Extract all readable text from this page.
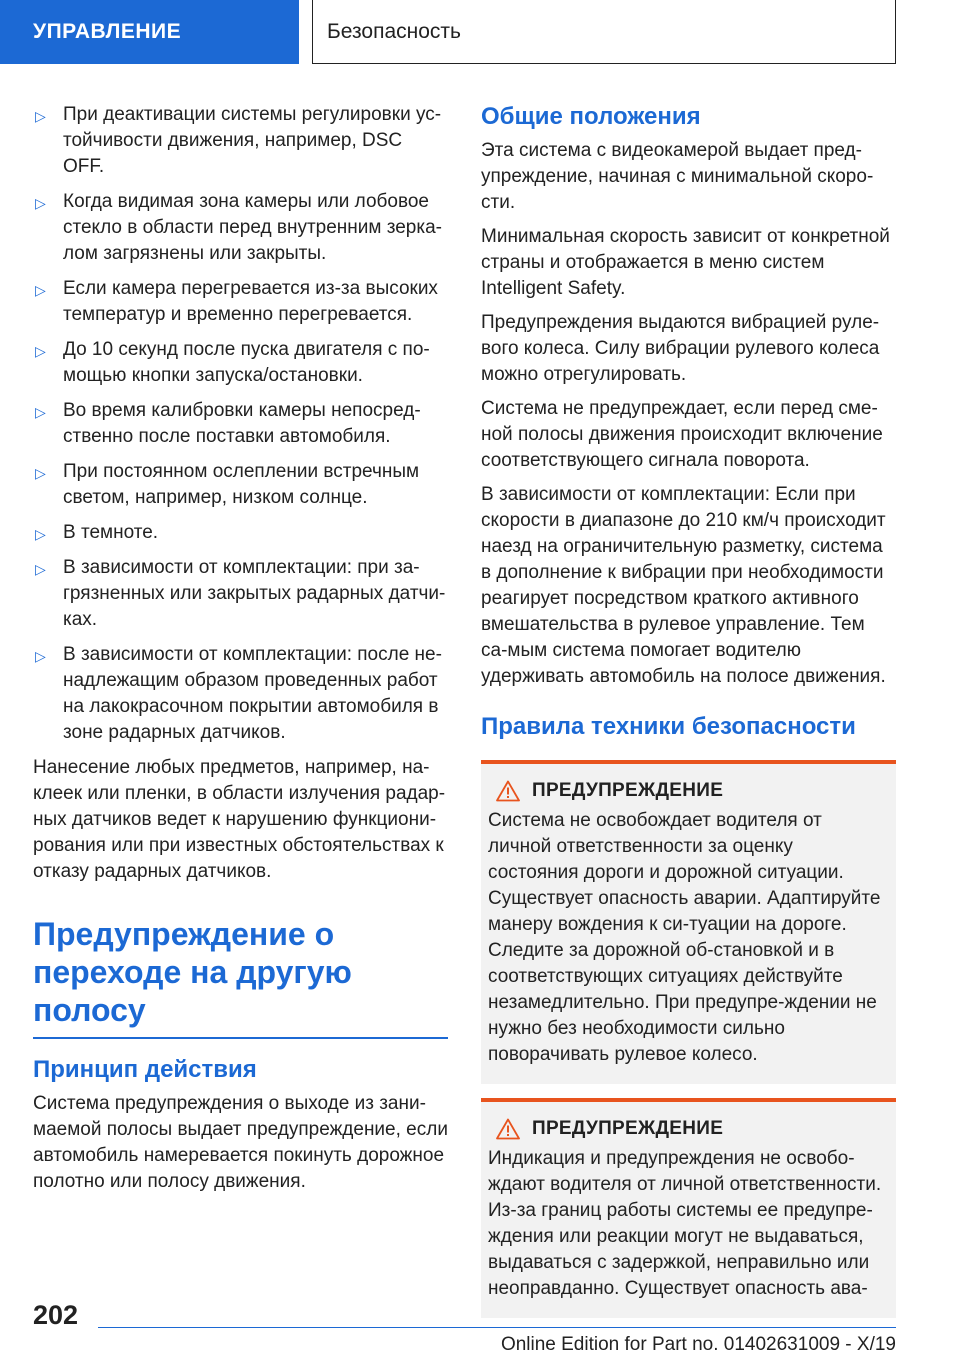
УПРАВЛЕНИЕ	Безопасность
▷ При деактивации системы регулировки ус-тойчивости движения, например, DSC OFF.
▷ Когда видимая зона камеры или лобовое стекло в области перед внутренним зерка-лом загрязнены или закрыты.
▷ Если камера перегревается из-за высоких температур и временно перегревается.
▷ До 10 секунд после пуска двигателя с по-мощью кнопки запуска/остановки.
▷ Во время калибровки камеры непосред-ственно после поставки автомобиля.
▷ При постоянном ослеплении встречным светом, например, низком солнце.
▷ В темноте.
▷ В зависимости от комплектации: при за-грязненных или закрытых радарных датчи-ках.
▷ В зависимости от комплектации: после не-надлежащим образом проведенных работ на лакокрасочном покрытии автомобиля в зоне радарных датчиков.

Нанесение любых предметов, например, на-клеек или пленки, в области излучения радар-ных датчиков ведет к нарушению функциони-рования или при известных обстоятельствах к отказу радарных датчиков.

Предупреждение о переходе на другую полосу
Принцип действия

Система предупреждения о выходе из зани-маемой полосы выдает предупреждение, если автомобиль намеревается покинуть дорожное полотно или полосу движения.

Общие положения

Эта система с видеокамерой выдает пред-упреждение, начиная с минимальной скоро-сти.

Минимальная скорость зависит от конкретной страны и отображается в меню систем Intelligent Safety.

Предупреждения выдаются вибрацией руле-вого колеса. Силу вибрации рулевого колеса можно отрегулировать.

Система не предупреждает, если перед сме-ной полосы движения происходит включение соответствующего сигнала поворота.

В зависимости от комплектации: Если при скорости в диапазоне до 210 км/ч происходит наезд на ограничительную разметку, система в дополнение к вибрации при необходимости реагирует посредством краткого активного вмешательства в рулевое управление. Тем са-мым система помогает водителю удерживать автомобиль на полосе движения.

Правила техники безопасности
ПРЕДУПРЕЖДЕНИЕ

Система не освобождает водителя от личной ответственности за оценку состояния дороги и дорожной ситуации. Существует опасность аварии. Адаптируйте манеру вождения к си-туации на дороге. Следите за дорожной об-становкой и в соответствующих ситуациях действуйте незамедлительно. При предупре-ждении не нужно без необходимости сильно поворачивать рулевое колесо.

ПРЕДУПРЕЖДЕНИЕ

Индикация и предупреждения не освобо-ждают водителя от личной ответственности. Из-за границ работы системы ее предупре-ждения или реакции могут не выдаваться, выдаваться с задержкой, неправильно или неоправданно. Существует опасность ава-

202
Online Edition for Part no. 01402631009 - X/19
